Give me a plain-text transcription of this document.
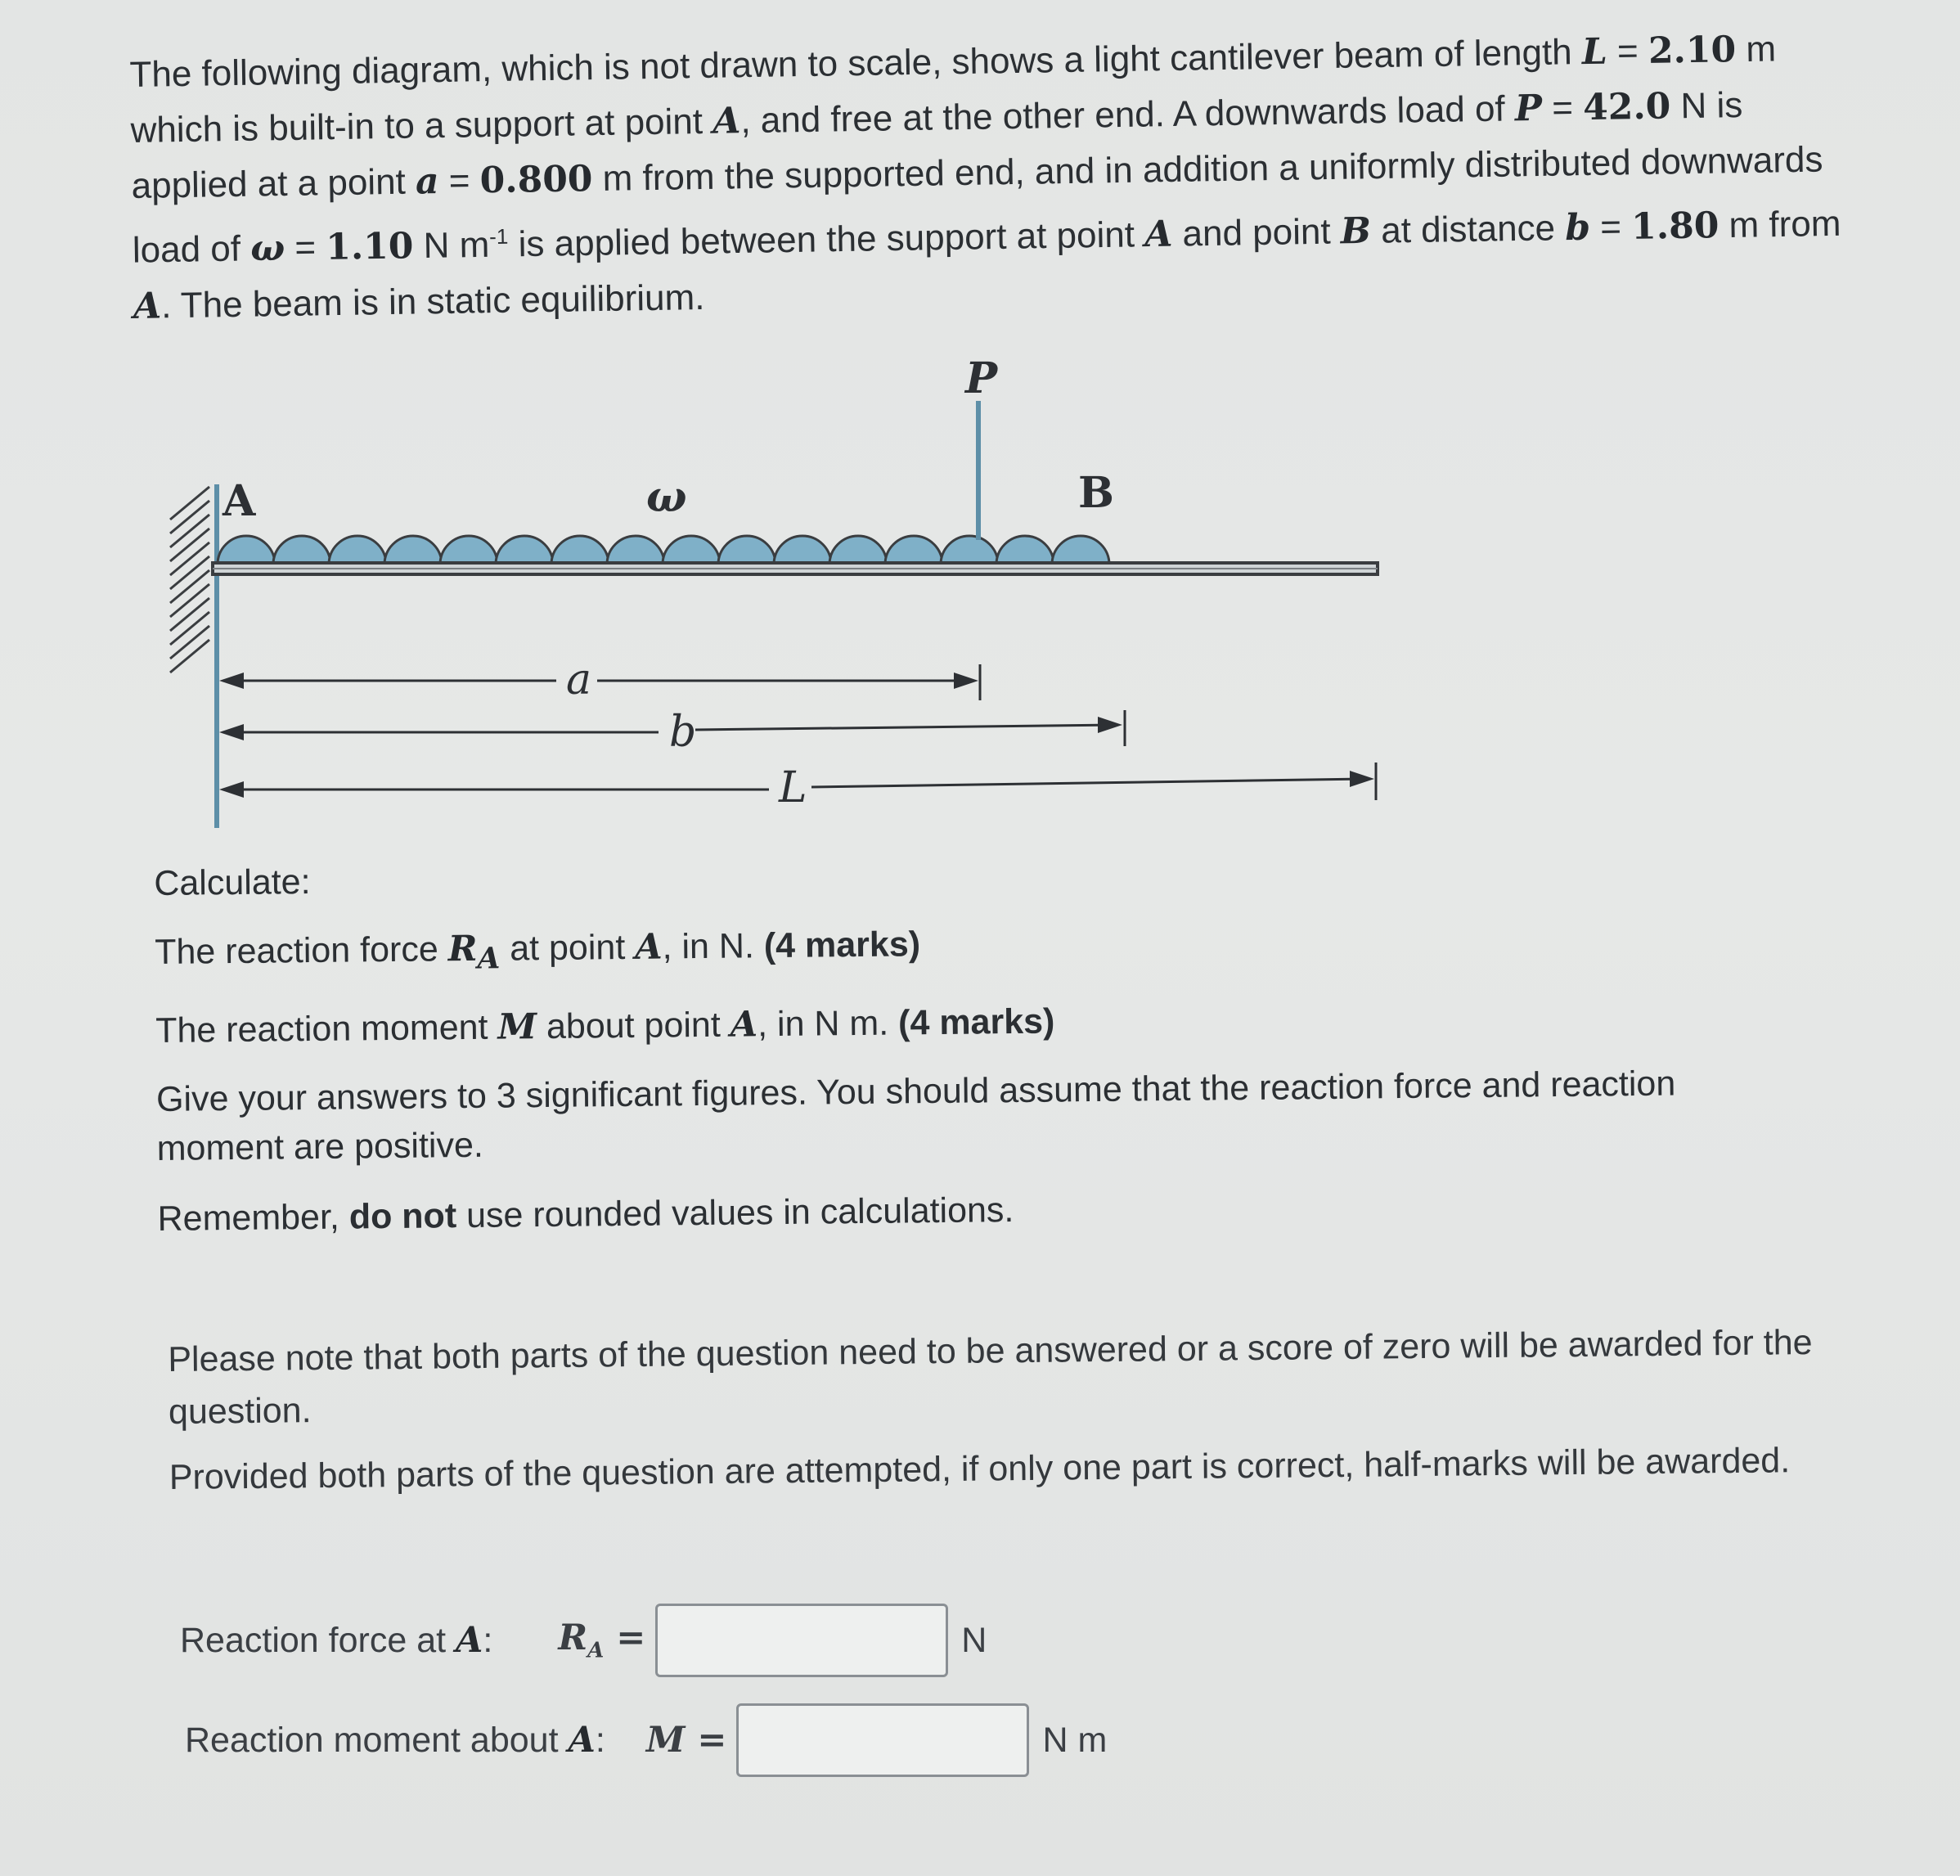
The following diagram, which is not drawn to scale, shows a light cantilever beam of length L = 2.10 m which is built-in to a support at point A, and free at the other end. A downwards load of P = 42.0 N is applied at a point a = 0.800 m from the supported end, and in addition a uniformly distributed downwards load of ω = 1.10 N $m^{-1}$ is applied between the support at point A and point B at distance b = 1.80 m from A. The beam is in static equilibrium.

A	B
P
ω
a
b
L

Calculate:

The reaction force $R_A$ at point A, in N. (4 marks)

The reaction moment M about point A, in N m. (4 marks)

Give your answers to 3 significant figures. You should assume that the reaction force and reaction moment are positive.

Remember, do not use rounded values in calculations.

Please note that both parts of the question need to be answered or a score of zero will be awarded for the question.

Provided both parts of the question are attempted, if only one part is correct, half-marks will be awarded.

Reaction force at A: $R_A$ =	N
Reaction moment about A: M =	N m
